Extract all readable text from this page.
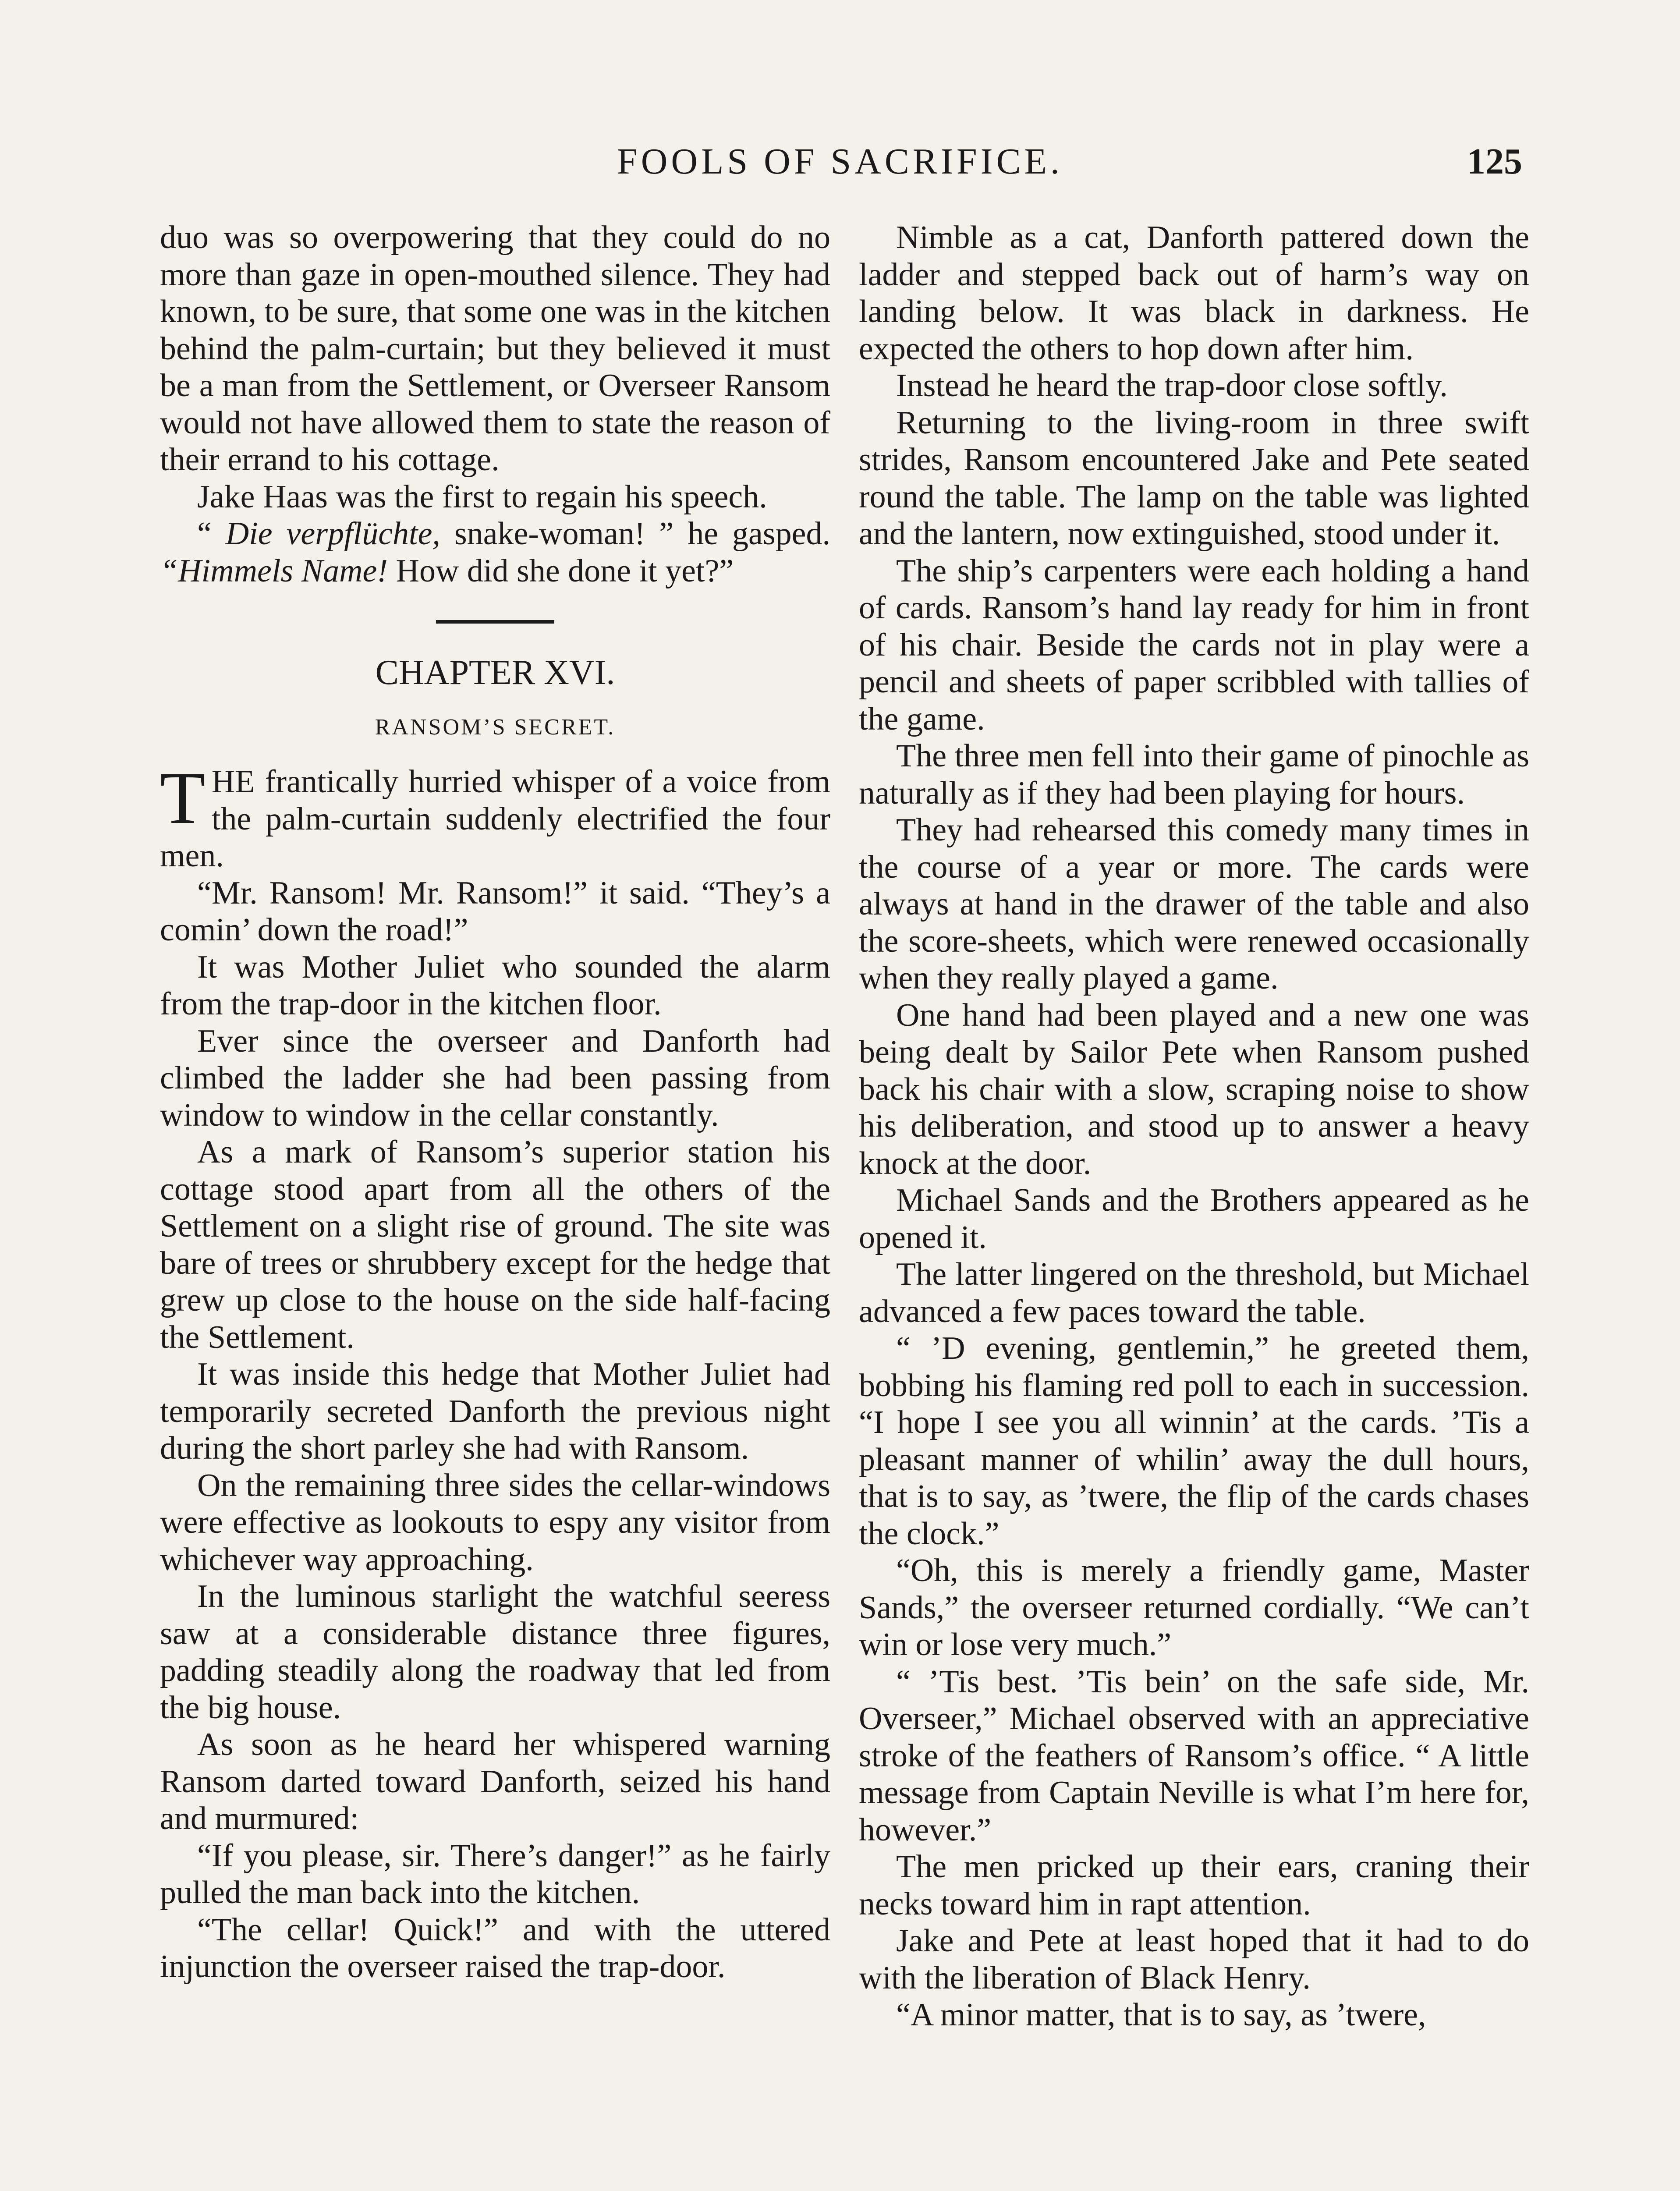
FOOLS OF SACRIFICE.	125

duo was so overpowering that they could do no more than gaze in open-mouthed silence. They had known, to be sure, that some one was in the kitchen behind the palm-curtain; but they believed it must be a man from the Settlement, or Overseer Ransom would not have allowed them to state the reason of their errand to his cottage.

Jake Haas was the first to regain his speech.

“ Die verpflüchte, snake-woman! ” he gasped. “Himmels Name! How did she done it yet?”

CHAPTER XVI.
RANSOM’S SECRET.

THE frantically hurried whisper of a voice from the palm-curtain suddenly electrified the four men.

“Mr. Ransom! Mr. Ransom!” it said. “They’s a comin’ down the road!”

It was Mother Juliet who sounded the alarm from the trap-door in the kitchen floor.

Ever since the overseer and Danforth had climbed the ladder she had been passing from window to window in the cellar constantly.

As a mark of Ransom’s superior station his cottage stood apart from all the others of the Settlement on a slight rise of ground. The site was bare of trees or shrubbery except for the hedge that grew up close to the house on the side half-facing the Settlement.

It was inside this hedge that Mother Juliet had temporarily secreted Danforth the previous night during the short parley she had with Ransom.

On the remaining three sides the cellar-windows were effective as lookouts to espy any visitor from whichever way approaching.

In the luminous starlight the watchful seeress saw at a considerable distance three figures, padding steadily along the roadway that led from the big house.

As soon as he heard her whispered warning Ransom darted toward Danforth, seized his hand and murmured:

“If you please, sir. There’s danger!” as he fairly pulled the man back into the kitchen.

“The cellar! Quick!” and with the uttered injunction the overseer raised the trap-door.

Nimble as a cat, Danforth pattered down the ladder and stepped back out of harm’s way on landing below. It was black in darkness. He expected the others to hop down after him.

Instead he heard the trap-door close softly.

Returning to the living-room in three swift strides, Ransom encountered Jake and Pete seated round the table. The lamp on the table was lighted and the lantern, now extinguished, stood under it.

The ship’s carpenters were each holding a hand of cards. Ransom’s hand lay ready for him in front of his chair. Beside the cards not in play were a pencil and sheets of paper scribbled with tallies of the game.

The three men fell into their game of pinochle as naturally as if they had been playing for hours.

They had rehearsed this comedy many times in the course of a year or more. The cards were always at hand in the drawer of the table and also the score-sheets, which were renewed occasionally when they really played a game.

One hand had been played and a new one was being dealt by Sailor Pete when Ransom pushed back his chair with a slow, scraping noise to show his deliberation, and stood up to answer a heavy knock at the door.

Michael Sands and the Brothers appeared as he opened it.

The latter lingered on the threshold, but Michael advanced a few paces toward the table.

“ ’D evening, gentlemin,” he greeted them, bobbing his flaming red poll to each in succession. “I hope I see you all winnin’ at the cards. ’Tis a pleasant manner of whilin’ away the dull hours, that is to say, as ’twere, the flip of the cards chases the clock.”

“Oh, this is merely a friendly game, Master Sands,” the overseer returned cordially. “We can’t win or lose very much.”

“ ’Tis best. ’Tis bein’ on the safe side, Mr. Overseer,” Michael observed with an appreciative stroke of the feathers of Ransom’s office. “ A little message from Captain Neville is what I’m here for, however.”

The men pricked up their ears, craning their necks toward him in rapt attention.

Jake and Pete at least hoped that it had to do with the liberation of Black Henry.

“A minor matter, that is to say, as ’twere,
